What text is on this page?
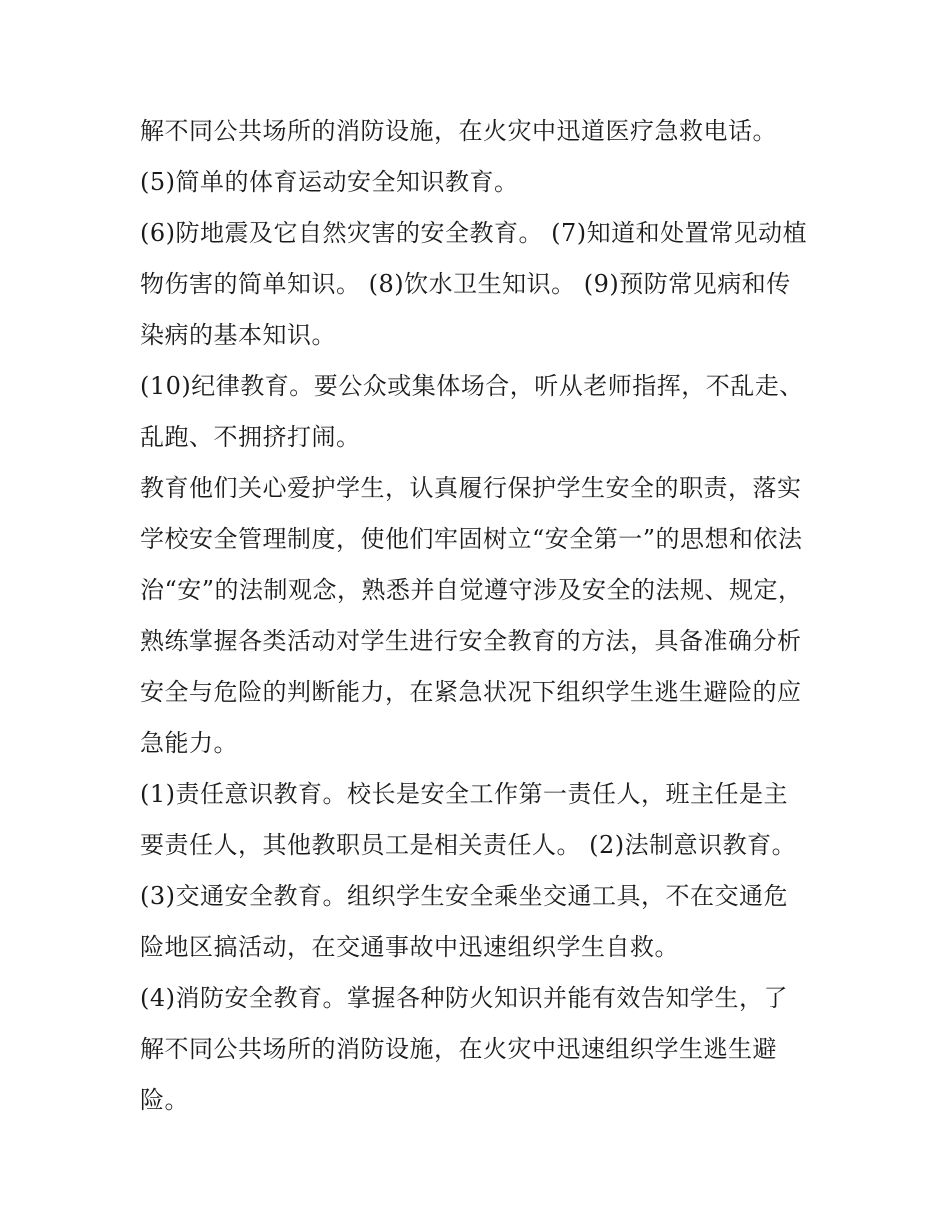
解不同公共场所的消防设施，在火灾中迅道医疗急救电话。
(5)简单的体育运动安全知识教育。
(6)防地震及它自然灾害的安全教育。 (7)知道和处置常见动植
物伤害的简单知识。 (8)饮水卫生知识。 (9)预防常见病和传
染病的基本知识。
(10)纪律教育。要公众或集体场合，听从老师指挥，不乱走、
乱跑、不拥挤打闹。
教育他们关心爱护学生，认真履行保护学生安全的职责，落实
学校安全管理制度，使他们牢固树立“安全第一”的思想和依法
治“安”的法制观念，熟悉并自觉遵守涉及安全的法规、规定，
熟练掌握各类活动对学生进行安全教育的方法，具备准确分析
安全与危险的判断能力，在紧急状况下组织学生逃生避险的应
急能力。
(1)责任意识教育。校长是安全工作第一责任人，班主任是主
要责任人，其他教职员工是相关责任人。 (2)法制意识教育。
(3)交通安全教育。组织学生安全乘坐交通工具，不在交通危
险地区搞活动，在交通事故中迅速组织学生自救。
(4)消防安全教育。掌握各种防火知识并能有效告知学生，了
解不同公共场所的消防设施，在火灾中迅速组织学生逃生避
险。
